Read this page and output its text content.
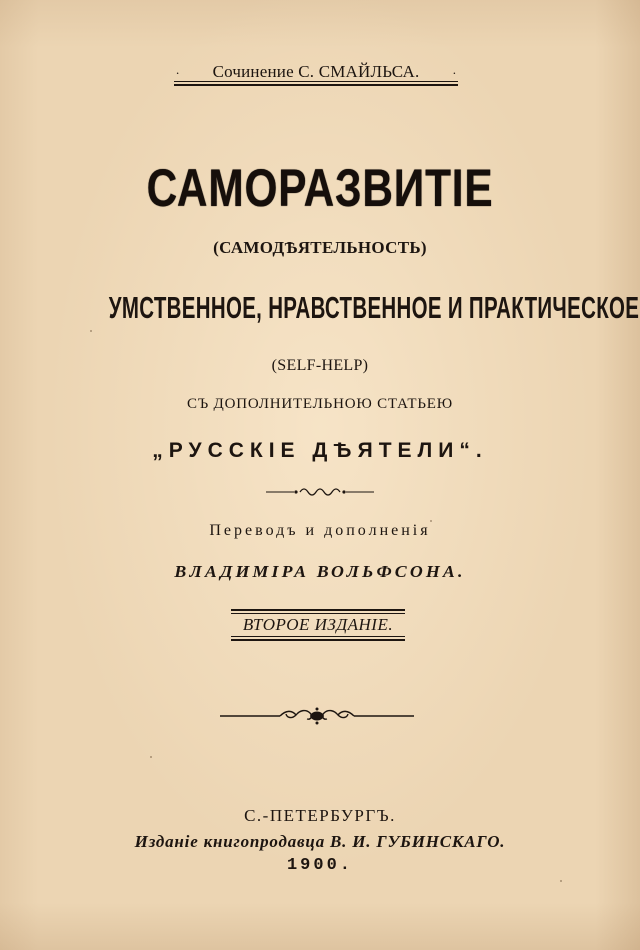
.	Сочинение С. СМАЙЛЬСА.	.
САМОРАЗВИТІЕ
(САМОДѢЯТЕЛЬНОСТЬ)
УМСТВЕННОЕ, НРАВСТВЕННОЕ И ПРАКТИЧЕСКОЕ
(SELF-HELP)
СЪ ДОПОЛНИТЕЛЬНОЮ СТАТЬЕЮ
„РУССКІЕ ДѢЯТЕЛИ“.
Переводъ и дополненія
ВЛАДИМІРА ВОЛЬФСОНА.
ВТОРОЕ ИЗДАНІЕ.
С.-ПЕТЕРБУРГЪ.
Изданіе книгопродавца В. И. ГУБИНСКАГО.
1900.
